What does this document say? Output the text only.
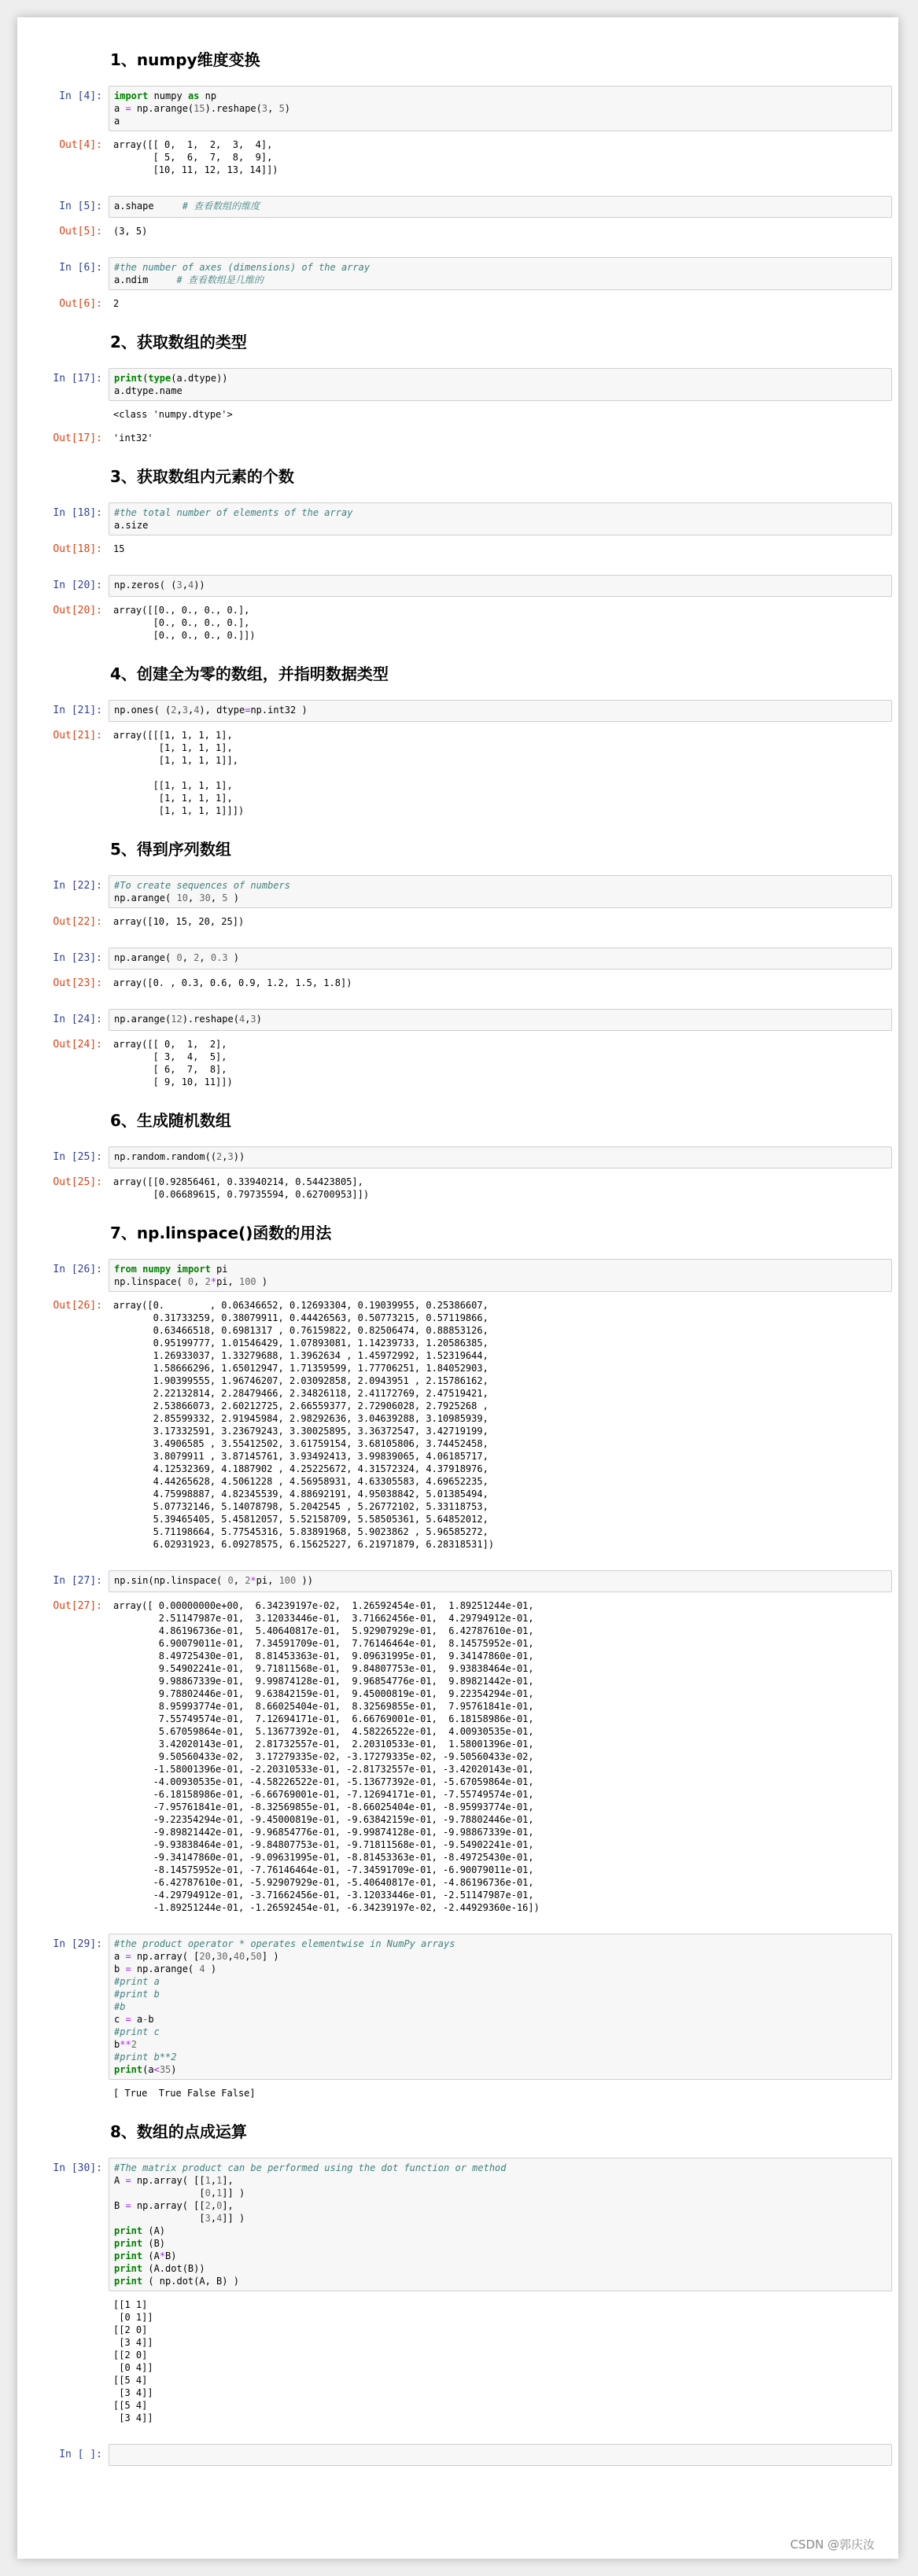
1、numpy维度变换
In [4]:	import numpy as np
a = np.arange(15).reshape(3, 5)
a
Out[4]:	array([[ 0,  1,  2,  3,  4],
[ 5,  6,  7,  8,  9],
[10, 11, 12, 13, 14]])
In [5]:	a.shape	# 查看数组的维度
Out[5]:	(3, 5)
In [6]:	#the number of axes (dimensions) of the array
a.ndim	# 查看数组是几维的
Out[6]:	2
2、获取数组的类型
In [17]:	print(type(a.dtype))
a.dtype.name
<class 'numpy.dtype'>
Out[17]:	'int32'
3、获取数组内元素的个数
In [18]:	#the total number of elements of the array
a.size
Out[18]:	15
In [20]:	np.zeros( (3,4))
Out[20]:	array([[0., 0., 0., 0.],
[0., 0., 0., 0.],
[0., 0., 0., 0.]])
4、创建全为零的数组，并指明数据类型
In [21]:	np.ones( (2,3,4), dtype=np.int32 )
Out[21]:	array([[[1, 1, 1, 1],
[1, 1, 1, 1],
[1, 1, 1, 1]],

[[1, 1, 1, 1],
[1, 1, 1, 1],
[1, 1, 1, 1]]])
5、得到序列数组
In [22]:	#To create sequences of numbers
np.arange( 10, 30, 5 )
Out[22]:	array([10, 15, 20, 25])
In [23]:	np.arange( 0, 2, 0.3 )
Out[23]:	array([0. , 0.3, 0.6, 0.9, 1.2, 1.5, 1.8])
In [24]:	np.arange(12).reshape(4,3)
Out[24]:	array([[ 0,  1,  2],
[ 3,  4,  5],
[ 6,  7,  8],
[ 9, 10, 11]])
6、生成随机数组
In [25]:	np.random.random((2,3))
Out[25]:	array([[0.92856461, 0.33940214, 0.54423805],
[0.06689615, 0.79735594, 0.62700953]])
7、np.linspace()函数的用法
In [26]:	from numpy import pi
np.linspace( 0, 2*pi, 100 )
Out[26]:	array([0.        , 0.06346652, 0.12693304, 0.19039955, 0.25386607,
0.31733259, 0.38079911, 0.44426563, 0.50773215, 0.57119866,
0.63466518, 0.6981317 , 0.76159822, 0.82506474, 0.88853126,
0.95199777, 1.01546429, 1.07893081, 1.14239733, 1.20586385,
1.26933037, 1.33279688, 1.3962634 , 1.45972992, 1.52319644,
1.58666296, 1.65012947, 1.71359599, 1.77706251, 1.84052903,
1.90399555, 1.96746207, 2.03092858, 2.0943951 , 2.15786162,
2.22132814, 2.28479466, 2.34826118, 2.41172769, 2.47519421,
2.53866073, 2.60212725, 2.66559377, 2.72906028, 2.7925268 ,
2.85599332, 2.91945984, 2.98292636, 3.04639288, 3.10985939,
3.17332591, 3.23679243, 3.30025895, 3.36372547, 3.42719199,
3.4906585 , 3.55412502, 3.61759154, 3.68105806, 3.74452458,
3.8079911 , 3.87145761, 3.93492413, 3.99839065, 4.06185717,
4.12532369, 4.1887902 , 4.25225672, 4.31572324, 4.37918976,
4.44265628, 4.5061228 , 4.56958931, 4.63305583, 4.69652235,
4.75998887, 4.82345539, 4.88692191, 4.95038842, 5.01385494,
5.07732146, 5.14078798, 5.2042545 , 5.26772102, 5.33118753,
5.39465405, 5.45812057, 5.52158709, 5.58505361, 5.64852012,
5.71198664, 5.77545316, 5.83891968, 5.9023862 , 5.96585272,
6.02931923, 6.09278575, 6.15625227, 6.21971879, 6.28318531])
In [27]:	np.sin(np.linspace( 0, 2*pi, 100 ))
Out[27]:	array([ 0.00000000e+00,  6.34239197e-02,  1.26592454e-01,  1.89251244e-01,
2.51147987e-01,  3.12033446e-01,  3.71662456e-01,  4.29794912e-01,
4.86196736e-01,  5.40640817e-01,  5.92907929e-01,  6.42787610e-01,
6.90079011e-01,  7.34591709e-01,  7.76146464e-01,  8.14575952e-01,
8.49725430e-01,  8.81453363e-01,  9.09631995e-01,  9.34147860e-01,
9.54902241e-01,  9.71811568e-01,  9.84807753e-01,  9.93838464e-01,
9.98867339e-01,  9.99874128e-01,  9.96854776e-01,  9.89821442e-01,
9.78802446e-01,  9.63842159e-01,  9.45000819e-01,  9.22354294e-01,
8.95993774e-01,  8.66025404e-01,  8.32569855e-01,  7.95761841e-01,
7.55749574e-01,  7.12694171e-01,  6.66769001e-01,  6.18158986e-01,
5.67059864e-01,  5.13677392e-01,  4.58226522e-01,  4.00930535e-01,
3.42020143e-01,  2.81732557e-01,  2.20310533e-01,  1.58001396e-01,
9.50560433e-02,  3.17279335e-02, -3.17279335e-02, -9.50560433e-02,
-1.58001396e-01, -2.20310533e-01, -2.81732557e-01, -3.42020143e-01,
-4.00930535e-01, -4.58226522e-01, -5.13677392e-01, -5.67059864e-01,
-6.18158986e-01, -6.66769001e-01, -7.12694171e-01, -7.55749574e-01,
-7.95761841e-01, -8.32569855e-01, -8.66025404e-01, -8.95993774e-01,
-9.22354294e-01, -9.45000819e-01, -9.63842159e-01, -9.78802446e-01,
-9.89821442e-01, -9.96854776e-01, -9.99874128e-01, -9.98867339e-01,
-9.93838464e-01, -9.84807753e-01, -9.71811568e-01, -9.54902241e-01,
-9.34147860e-01, -9.09631995e-01, -8.81453363e-01, -8.49725430e-01,
-8.14575952e-01, -7.76146464e-01, -7.34591709e-01, -6.90079011e-01,
-6.42787610e-01, -5.92907929e-01, -5.40640817e-01, -4.86196736e-01,
-4.29794912e-01, -3.71662456e-01, -3.12033446e-01, -2.51147987e-01,
-1.89251244e-01, -1.26592454e-01, -6.34239197e-02, -2.44929360e-16])
In [29]:	#the product operator * operates elementwise in NumPy arrays
a = np.array( [20,30,40,50] )
b = np.arange( 4 )
#print a
#print b
#b
c = a-b
#print c
b**2
#print b**2
print(a<35)
[ True  True False False]
8、数组的点成运算
In [30]:	#The matrix product can be performed using the dot function or method
A = np.array( [[1,1],
[0,1]] )
B = np.array( [[2,0],
[3,4]] )
print (A)
print (B)
print (A*B)
print (A.dot(B))
print ( np.dot(A, B) )
[[1 1]
[0 1]]
[[2 0]
[3 4]]
[[2 0]
[0 4]]
[[5 4]
[3 4]]
[[5 4]
[3 4]]
In [ ]:

CSDN @郭庆汝
